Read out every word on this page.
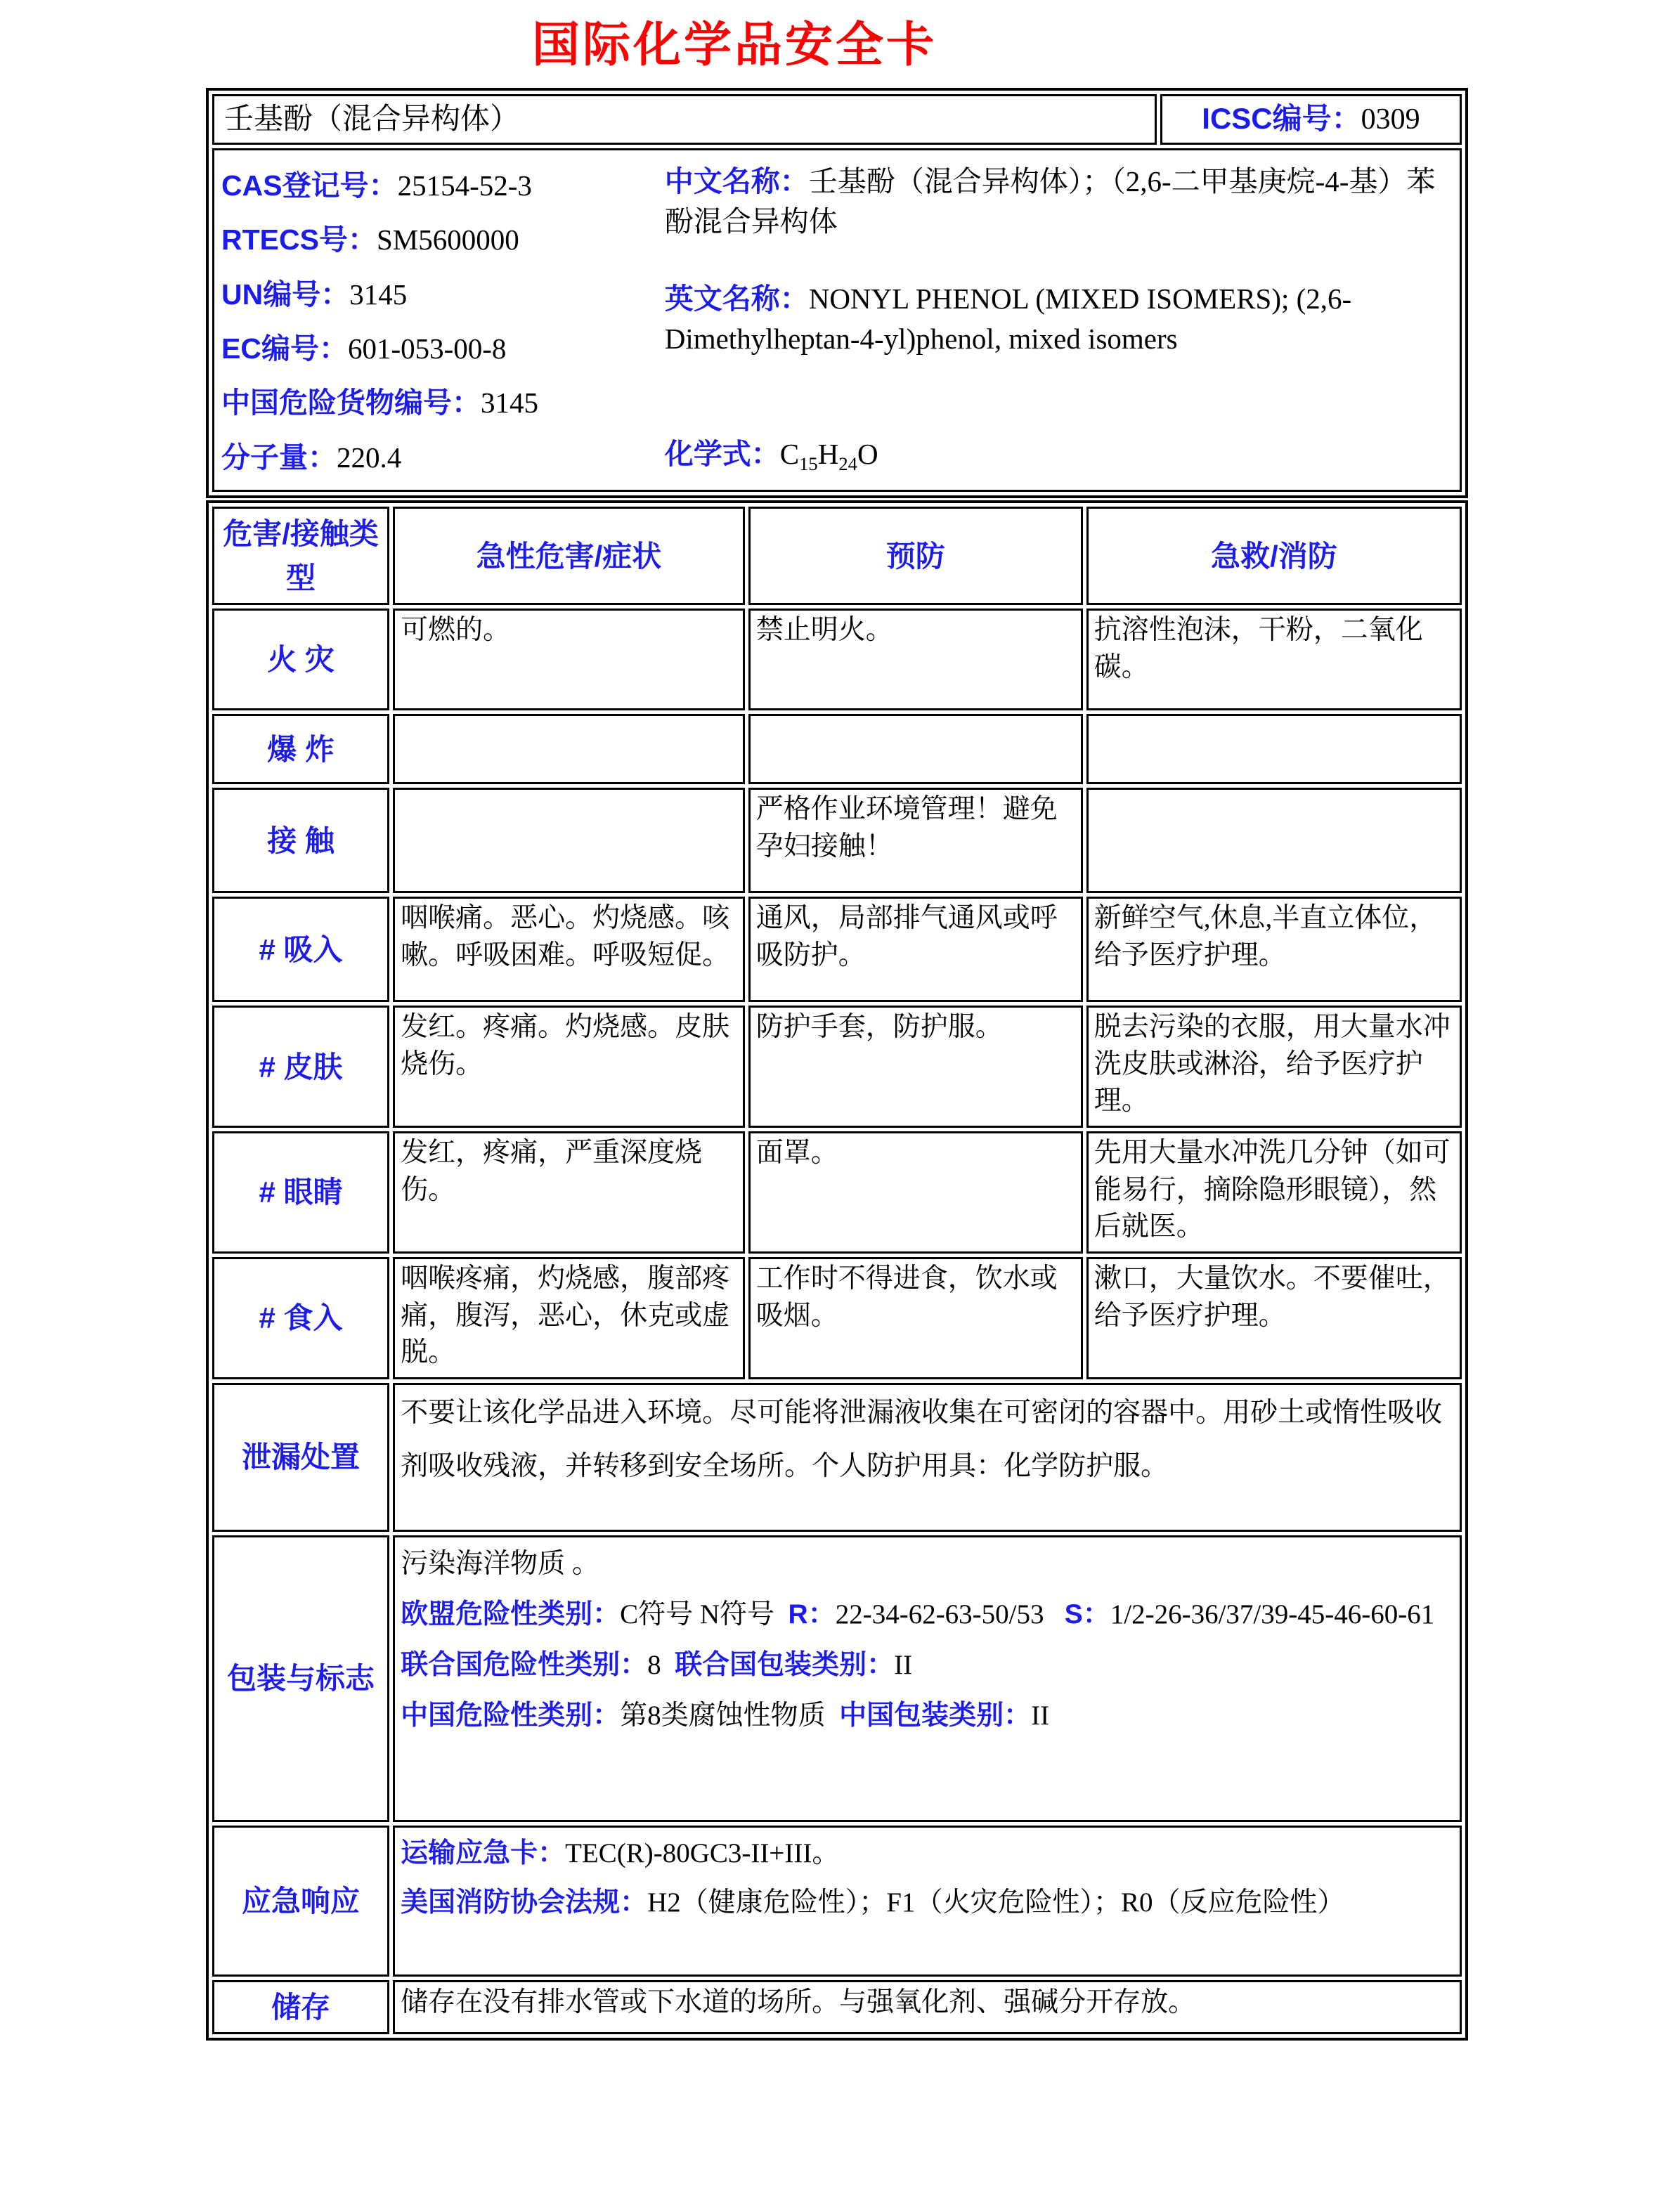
国际化学品安全卡
壬基酚（混合异构体）	ICSC编号：0309

CAS登记号：25154-52-3
RTECS号：SM5600000
UN编号：3145
EC编号：601-053-00-8
中国危险货物编号：3145
分子量：220.4
中文名称：壬基酚（混合异构体）；（2,6-二甲基庚烷-4-基）苯酚混合异构体
英文名称：NONYL PHENOL (MIXED ISOMERS); (2,6-Dimethylheptan-4-yl)phenol, mixed isomers
化学式：$C_{15}H_{24}O$
危害/接触类型	急性危害/症状	预防	急救/消防
火 灾	可燃的。	禁止明火。	抗溶性泡沫，干粉，二氧化碳。
爆 炸			
接 触		严格作业环境管理！避免孕妇接触！	
# 吸入	咽喉痛。恶心。灼烧感。咳嗽。呼吸困难。呼吸短促。	通风，局部排气通风或呼吸防护。	新鲜空气,休息,半直立体位，给予医疗护理。
# 皮肤	发红。疼痛。灼烧感。皮肤烧伤。	防护手套，防护服。	脱去污染的衣服，用大量水冲洗皮肤或淋浴，给予医疗护理。
# 眼睛	发红，疼痛，严重深度烧伤。	面罩。	先用大量水冲洗几分钟（如可能易行，摘除隐形眼镜），然后就医。
# 食入	咽喉疼痛，灼烧感，腹部疼痛，腹泻，恶心，休克或虚脱。	工作时不得进食，饮水或吸烟。	漱口，大量饮水。不要催吐，给予医疗护理。
泄漏处置	不要让该化学品进入环境。尽可能将泄漏液收集在可密闭的容器中。用砂土或惰性吸收剂吸收残液，并转移到安全场所。个人防护用具：化学防护服。		
包装与标志	污染海洋物质 。

欧盟危险性类别：C符号 N符号 R：22-34-62-63-50/53 S：1/2-26-36/37/39-45-46-60-61

联合国危险性类别：8 联合国包装类别：II

中国危险性类别：第8类腐蚀性物质 中国包装类别：II		

应急响应	运输应急卡：TEC(R)-80GC3-II+III。

美国消防协会法规：H2（健康危险性）；F1（火灾危险性）；R0（反应危险性）		

储存	储存在没有排水管或下水道的场所。与强氧化剂、强碱分开存放。		
